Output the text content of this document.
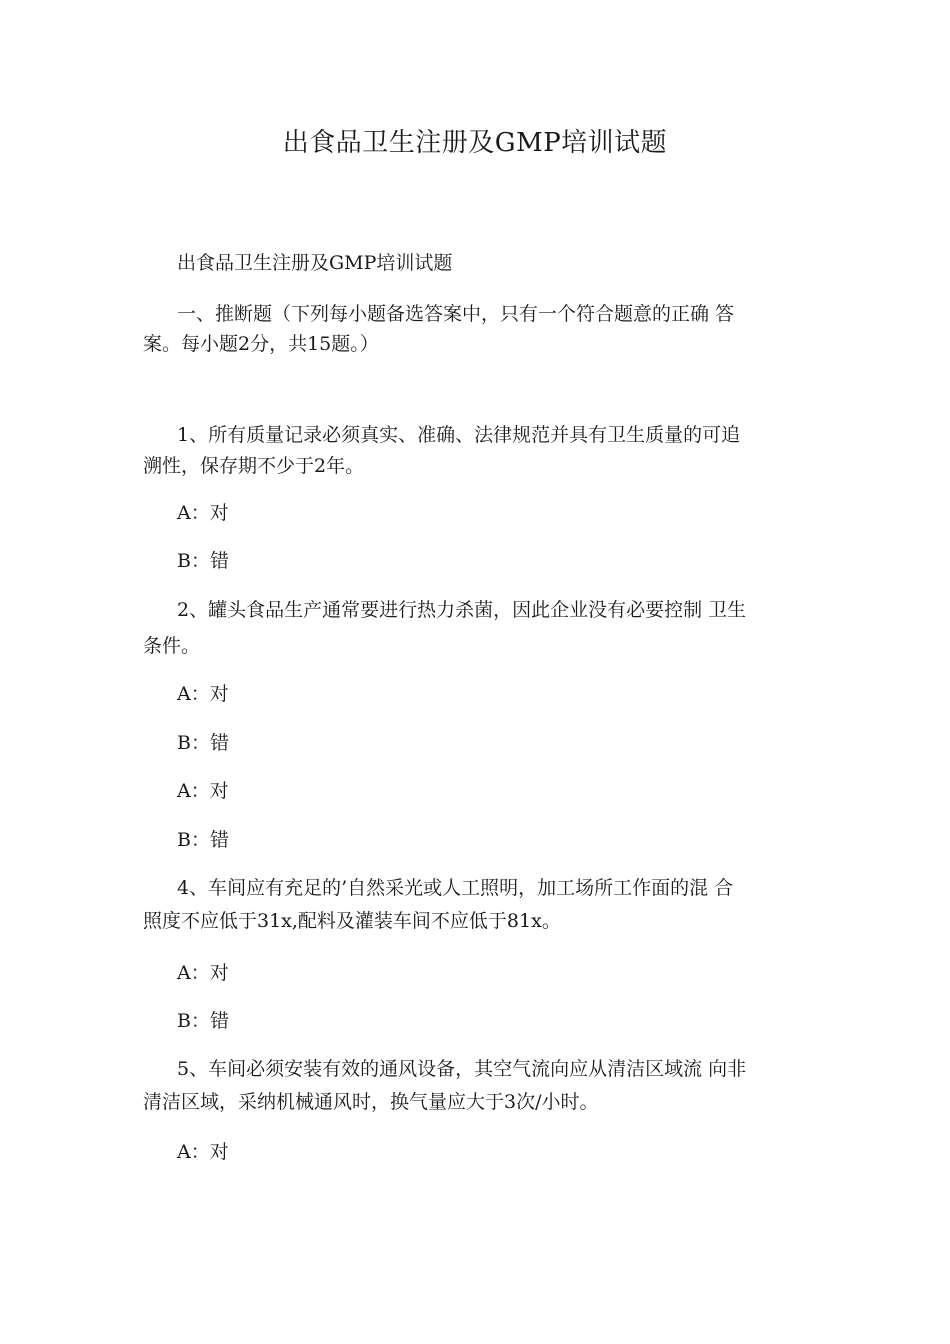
出食品卫生注册及GMP培训试题
出食品卫生注册及GMP培训试题
一、推断题（下列每小题备选答案中，只有一个符合题意的正确 答
案。每小题2分，共15题。）
1、所有质量记录必须真实、准确、法律规范并具有卫生质量的可追
溯性，保存期不少于2年。
A：对
B：错
2、罐头食品生产通常要进行热力杀菌，因此企业没有必要控制 卫生
条件。
A：对
B：错
A：对
B：错
4、车间应有充足的’自然采光或人工照明，加工场所工作面的混 合
照度不应低于31x,配料及灌装车间不应低于81x。
A：对
B：错
5、车间必须安装有效的通风设备，其空气流向应从清洁区域流 向非
清洁区域，采纳机械通风时，换气量应大于3次/小时。
A：对
